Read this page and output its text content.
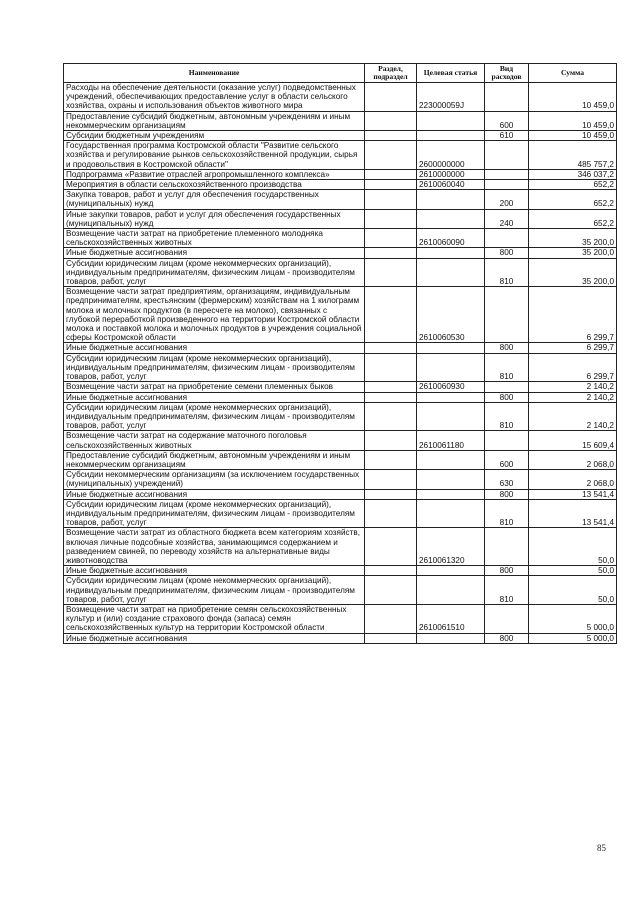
Наименование	Раздел, подраздел	Целевая статья	Вид расходов	Сумма
Расходы на обеспечение деятельности (оказание услуг) подведомственных учреждений, обеспечивающих предоставление услуг в области сельского хозяйства, охраны и использования объектов животного мира		223000059J		10 459,0
Предоставление субсидий бюджетным, автономным учреждениям и иным некоммерческим организациям			600	10 459,0
Субсидии бюджетным учреждениям			610	10 459,0
Государственная программа Костромской области "Развитие сельского хозяйства и регулирование рынков сельскохозяйственной продукции, сырья и продовольствия в Костромской области"		2600000000		485 757,2
Подпрограмма «Развитие отраслей агропромышленного комплекса»		2610000000		346 037,2
Мероприятия в области сельскохозяйственного производства		2610060040		652,2
Закупка товаров, работ и услуг для обеспечения государственных (муниципальных) нужд			200	652,2
Иные закупки товаров, работ и услуг для обеспечения государственных (муниципальных) нужд			240	652,2
Возмещение части затрат на приобретение племенного молодняка сельскохозяйственных животных		2610060090		35 200,0
Иные бюджетные ассигнования			800	35 200,0
Субсидии юридическим лицам (кроме некоммерческих организаций), индивидуальным предпринимателям, физическим лицам - производителям товаров, работ, услуг			810	35 200,0
Возмещение части затрат предприятиям, организациям, индивидуальным предпринимателям, крестьянским (фермерским) хозяйствам на 1 килограмм молока и молочных продуктов (в пересчете на молоко), связанных с глубокой переработкой произведенного на территории Костромской области молока и поставкой молока и молочных продуктов в учреждения социальной сферы Костромской области		2610060530		6 299,7
Иные бюджетные ассигнования			800	6 299,7
Субсидии юридическим лицам (кроме некоммерческих организаций), индивидуальным предпринимателям, физическим лицам - производителям товаров, работ, услуг			810	6 299,7
Возмещение части затрат на приобретение семени племенных быков		2610060930		2 140,2
Иные бюджетные ассигнования			800	2 140,2
Субсидии юридическим лицам (кроме некоммерческих организаций), индивидуальным предпринимателям, физическим лицам - производителям товаров, работ, услуг			810	2 140,2
Возмещение части затрат на содержание маточного поголовья сельскохозяйственных животных		2610061180		15 609,4
Предоставление субсидий бюджетным, автономным учреждениям и иным некоммерческим организациям			600	2 068,0
Субсидии некоммерческим организациям (за исключением государственных (муниципальных) учреждений)			630	2 068,0
Иные бюджетные ассигнования			800	13 541,4
Субсидии юридическим лицам (кроме некоммерческих организаций), индивидуальным предпринимателям, физическим лицам - производителям товаров, работ, услуг			810	13 541,4
Возмещение части затрат из областного бюджета всем категориям хозяйств, включая личные подсобные хозяйства, занимающимся содержанием и разведением свиней, по переводу хозяйств на альтернативные виды животноводства		2610061320		50,0
Иные бюджетные ассигнования			800	50,0
Субсидии юридическим лицам (кроме некоммерческих организаций), индивидуальным предпринимателям, физическим лицам - производителям товаров, работ, услуг			810	50,0
Возмещение части затрат на приобретение семян сельскохозяйственных культур и (или) создание страхового фонда (запаса) семян сельскохозяйственных культур на территории Костромской области		2610061510		5 000,0
Иные бюджетные ассигнования			800	5 000,0
85
